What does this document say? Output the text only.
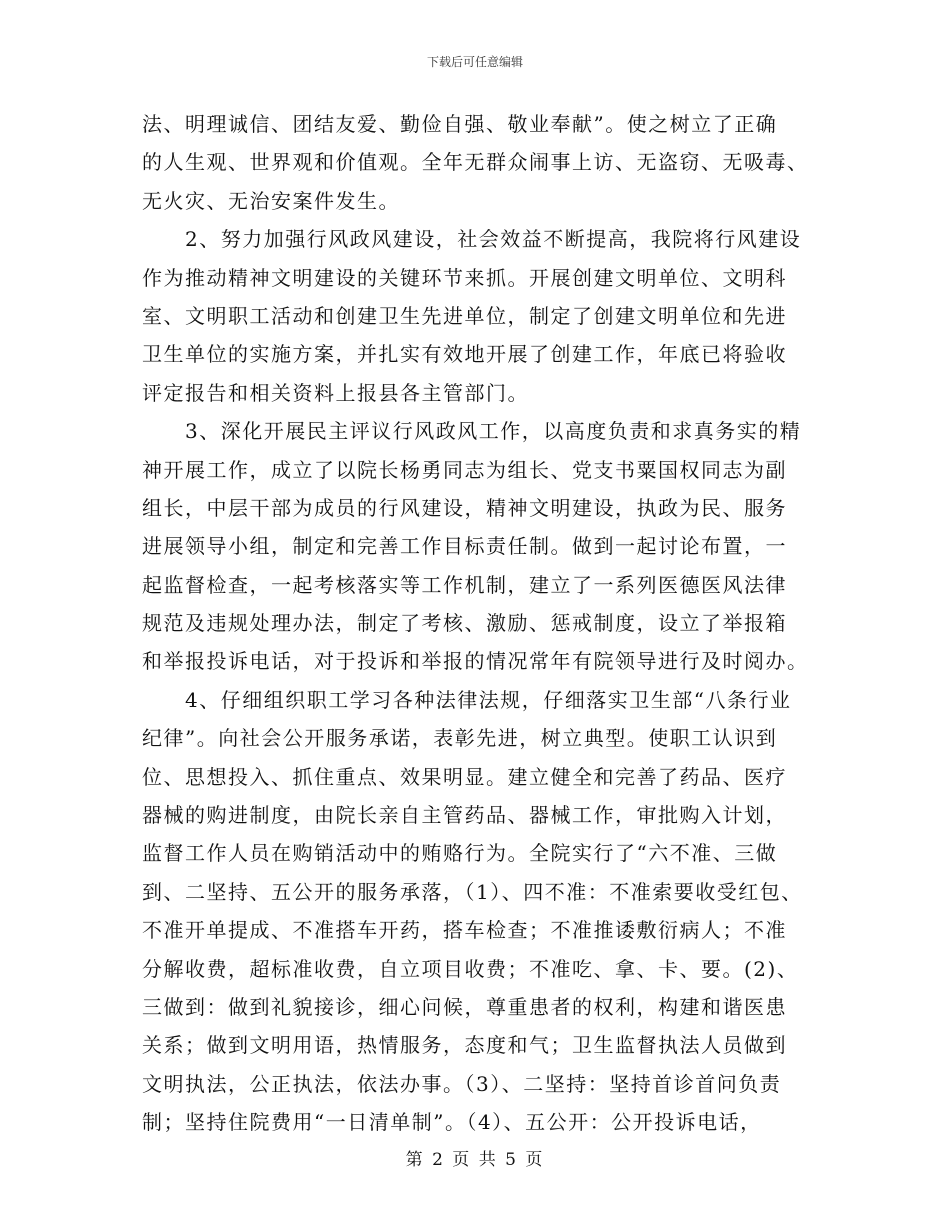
下载后可任意编辑
法、明理诚信、团结友爱、勤俭自强、敬业奉献”。使之树立了正确
的人生观、世界观和价值观。全年无群众闹事上访、无盗窃、无吸毒、
无火灾、无治安案件发生。
　　2、努力加强行风政风建设，社会效益不断提高，我院将行风建设
作为推动精神文明建设的关键环节来抓。开展创建文明单位、文明科
室、文明职工活动和创建卫生先进单位，制定了创建文明单位和先进
卫生单位的实施方案，并扎实有效地开展了创建工作，年底已将验收
评定报告和相关资料上报县各主管部门。
　　3、深化开展民主评议行风政风工作，以高度负责和求真务实的精
神开展工作，成立了以院长杨勇同志为组长、党支书粟国权同志为副
组长，中层干部为成员的行风建设，精神文明建设，执政为民、服务
进展领导小组，制定和完善工作目标责任制。做到一起讨论布置，一
起监督检查，一起考核落实等工作机制，建立了一系列医德医风法律
规范及违规处理办法，制定了考核、激励、惩戒制度，设立了举报箱
和举报投诉电话，对于投诉和举报的情况常年有院领导进行及时阅办。
　　4、仔细组织职工学习各种法律法规，仔细落实卫生部“八条行业
纪律”。向社会公开服务承诺，表彰先进，树立典型。使职工认识到
位、思想投入、抓住重点、效果明显。建立健全和完善了药品、医疗
器械的购进制度，由院长亲自主管药品、器械工作，审批购入计划，
监督工作人员在购销活动中的贿赂行为。全院实行了“六不准、三做
到、二坚持、五公开的服务承落，（1）、四不准：不准索要收受红包、
不准开单提成、不准搭车开药，搭车检查；不准推诿敷衍病人；不准
分解收费，超标准收费，自立项目收费；不准吃、拿、卡、要。(2)、
三做到：做到礼貌接诊，细心问候，尊重患者的权利，构建和谐医患
关系；做到文明用语，热情服务，态度和气；卫生监督执法人员做到
文明执法，公正执法，依法办事。（3）、二坚持：坚持首诊首问负责
制；坚持住院费用“一日清单制”。（4）、五公开：公开投诉电话，
第 2 页 共 5 页
